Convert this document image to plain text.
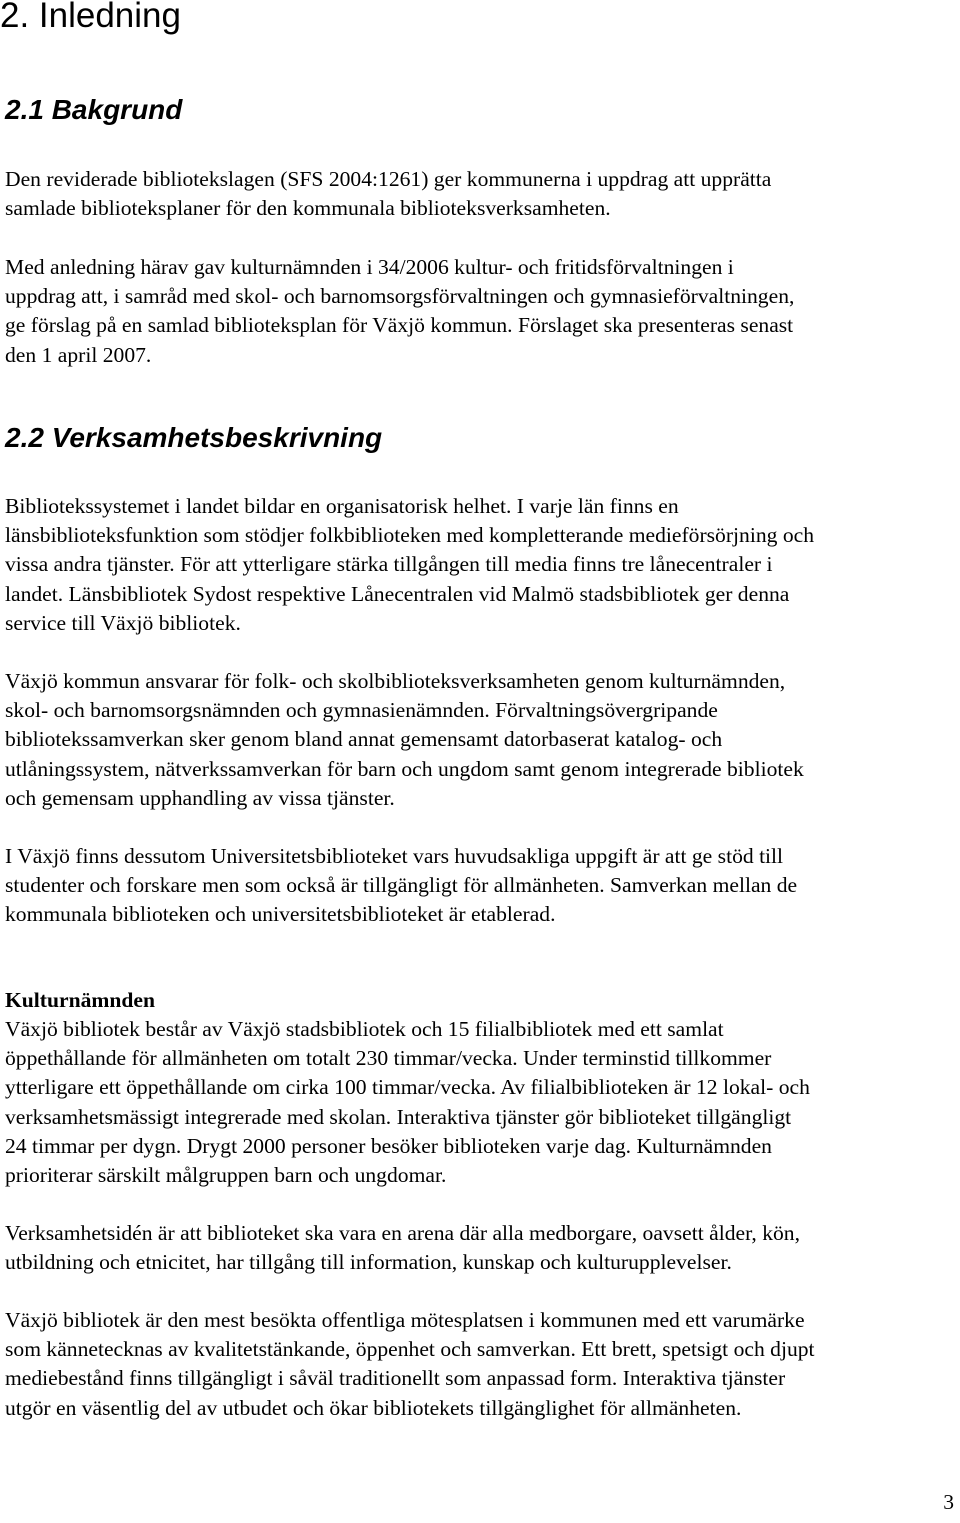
2. Inledning
2.1 Bakgrund

Den reviderade bibliotekslagen (SFS 2004:1261) ger kommunerna i uppdrag att upprätta
samlade biblioteksplaner för den kommunala biblioteksverksamheten.

Med anledning härav gav kulturnämnden i 34/2006 kultur- och fritidsförvaltningen i
uppdrag att, i samråd med skol- och barnomsorgsförvaltningen och gymnasieförvaltningen,
ge förslag på en samlad biblioteksplan för Växjö kommun. Förslaget ska presenteras senast
den 1 april 2007.

2.2 Verksamhetsbeskrivning

Bibliotekssystemet i landet bildar en organisatorisk helhet. I varje län finns en
länsbiblioteksfunktion som stödjer folkbiblioteken med kompletterande medieförsörjning och
vissa andra tjänster. För att ytterligare stärka tillgången till media finns tre lånecentraler i
landet. Länsbibliotek Sydost respektive Lånecentralen vid Malmö stadsbibliotek ger denna
service till Växjö bibliotek.

Växjö kommun ansvarar för folk- och skolbiblioteksverksamheten genom kulturnämnden,
skol- och barnomsorgsnämnden och gymnasienämnden. Förvaltningsövergripande
bibliotekssamverkan sker genom bland annat gemensamt datorbaserat katalog- och
utlåningssystem, nätverkssamverkan för barn och ungdom samt genom integrerade bibliotek
och gemensam upphandling av vissa tjänster.

I Växjö finns dessutom Universitetsbiblioteket vars huvudsakliga uppgift är att ge stöd till
studenter och forskare men som också är tillgängligt för allmänheten. Samverkan mellan de
kommunala biblioteken och universitetsbiblioteket är etablerad.

Kulturnämnden

Växjö bibliotek består av Växjö stadsbibliotek och 15 filialbibliotek med ett samlat
öppethållande för allmänheten om totalt 230 timmar/vecka. Under terminstid tillkommer
ytterligare ett öppethållande om cirka 100 timmar/vecka. Av filialbiblioteken är 12 lokal- och
verksamhetsmässigt integrerade med skolan. Interaktiva tjänster gör biblioteket tillgängligt
24 timmar per dygn. Drygt 2000 personer besöker biblioteken varje dag. Kulturnämnden
prioriterar särskilt målgruppen barn och ungdomar.

Verksamhetsidén är att biblioteket ska vara en arena där alla medborgare, oavsett ålder, kön,
utbildning och etnicitet, har tillgång till information, kunskap och kulturupplevelser.

Växjö bibliotek är den mest besökta offentliga mötesplatsen i kommunen med ett varumärke
som kännetecknas av kvalitetstänkande, öppenhet och samverkan. Ett brett, spetsigt och djupt
mediebestånd finns tillgängligt i såväl traditionellt som anpassad form. Interaktiva tjänster
utgör en väsentlig del av utbudet och ökar bibliotekets tillgänglighet för allmänheten.

3
